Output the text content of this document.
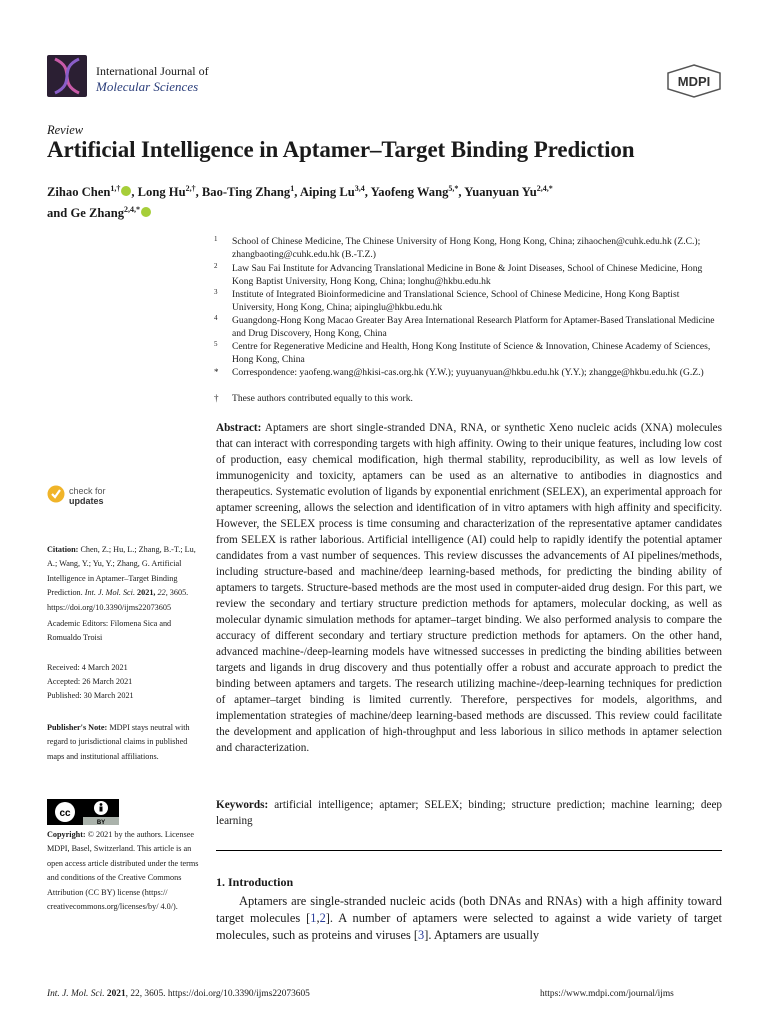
International Journal of
Molecular Sciences	MDPI
Review
Artificial Intelligence in Aptamer–Target Binding Prediction
Zihao Chen$^{1,\dagger}$ , Long $Hu^{2,\dagger}$, Bao-Ting Zhang$^1$, Aiping Lu$^{3,4}$, Yaofeng Wang$^{5,*}$, Yuanyuan $Yu^{2,4,*}$
and Ge Zhang$^{2,4,*}$
1 School of Chinese Medicine, The Chinese University of Hong Kong, Hong Kong, China; zihaochen@cuhk.edu.hk (Z.C.); zhangbaoting@cuhk.edu.hk (B.-T.Z.)
2 Law Sau Fai Institute for Advancing Translational Medicine in Bone & Joint Diseases, School of Chinese Medicine, Hong Kong Baptist University, Hong Kong, China; longhu@hkbu.edu.hk
3 Institute of Integrated Bioinformedicine and Translational Science, School of Chinese Medicine, Hong Kong Baptist University, Hong Kong, China; aipinglu@hkbu.edu.hk
4 Guangdong-Hong Kong Macao Greater Bay Area International Research Platform for Aptamer-Based Translational Medicine and Drug Discovery, Hong Kong, China
5 Centre for Regenerative Medicine and Health, Hong Kong Institute of Science & Innovation, Chinese Academy of Sciences, Hong Kong, China
* Correspondence: yaofeng.wang@hkisi-cas.org.hk (Y.W.); yuyuanyuan@hkbu.edu.hk (Y.Y.); zhangge@hkbu.edu.hk (G.Z.)
† These authors contributed equally to this work.
Abstract: Aptamers are short single-stranded DNA, RNA, or synthetic Xeno nucleic acids (XNA) molecules that can interact with corresponding targets with high affinity. Owing to their unique features, including low cost of production, easy chemical modification, high thermal stability, reproducibility, as well as low levels of immunogenicity and toxicity, aptamers can be used as an alternative to antibodies in diagnostics and therapeutics. Systematic evolution of ligands by exponential enrichment (SELEX), an experimental approach for aptamer screening, allows the selection and identification of in vitro aptamers with high affinity and specificity. However, the SELEX process is time consuming and characterization of the representative aptamer candidates from SELEX is rather laborious. Artificial intelligence (AI) could help to rapidly identify the potential aptamer candidates from a vast number of sequences. This review discusses the advancements of AI pipelines/methods, including structure-based and machine/deep learning-based methods, for predicting the binding ability of aptamers to targets. Structure-based methods are the most used in computer-aided drug design. For this part, we review the secondary and tertiary structure prediction methods for aptamers, molecular docking, as well as molecular dynamic simulation methods for aptamer–target binding. We also performed analysis to compare the accuracy of different secondary and tertiary structure prediction methods for aptamers. On the other hand, advanced machine-/deep-learning models have witnessed successes in predicting the binding abilities between targets and ligands in drug discovery and thus potentially offer a robust and accurate approach to predict the binding between aptamers and targets. The research utilizing machine-/deep-learning techniques for prediction of aptamer–target binding is limited currently. Therefore, perspectives for models, algorithms, and implementation strategies of machine/deep learning-based methods are discussed. This review could facilitate the development and application of high-throughput and less laborious in silico methods in aptamer selection and characterization.
Keywords: artificial intelligence; aptamer; SELEX; binding; structure prediction; machine learning; deep learning
1. Introduction
Aptamers are single-stranded nucleic acids (both DNAs and RNAs) with a high affinity toward target molecules [1,2]. A number of aptamers were selected to against a wide variety of target molecules, such as proteins and viruses [3]. Aptamers are usually
check for
updates
Citation: Chen, Z.; Hu, L.; Zhang, B.-T.; Lu, A.; Wang, Y.; Yu, Y.; Zhang, G. Artificial Intelligence in Aptamer–Target Binding Prediction. Int. J. Mol. Sci. 2021, 22, 3605. https://doi.org/10.3390/ijms22073605
Academic Editors: Filomena Sica and Romualdo Troisi
Received: 4 March 2021
Accepted: 26 March 2021
Published: 30 March 2021
Publisher's Note: MDPI stays neutral with regard to jurisdictional claims in published maps and institutional affiliations.
cc
BY
Copyright: © 2021 by the authors. Licensee MDPI, Basel, Switzerland. This article is an open access article distributed under the terms and conditions of the Creative Commons Attribution (CC BY) license (https:// creativecommons.org/licenses/by/ 4.0/).
Int. J. Mol. Sci. 2021, 22, 3605. https://doi.org/10.3390/ijms22073605	https://www.mdpi.com/journal/ijms
